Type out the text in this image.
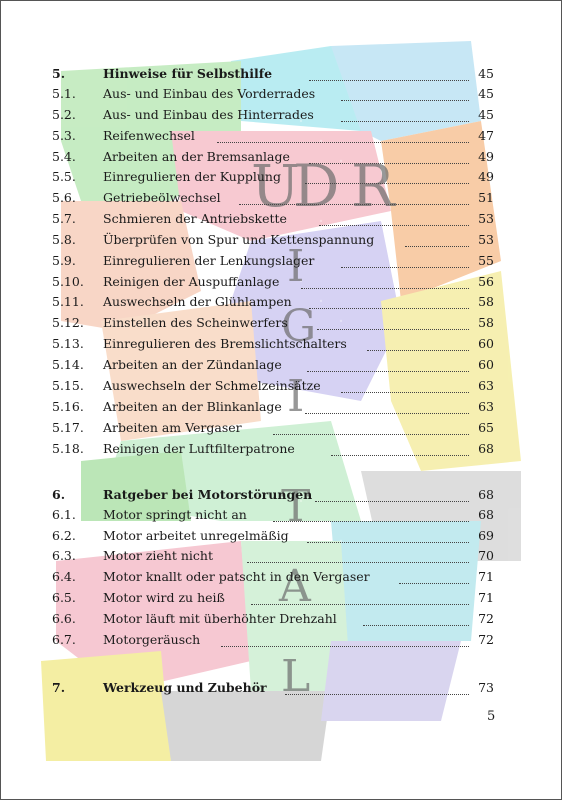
U
D R
I
G
I
T
A
L
5.	Hinweise für Selbsthilfe	45
5.1. Aus- und Einbau des Vorderrades	45
5.2. Aus- und Einbau des Hinterrades	45
5.3. Reifenwechsel	47
5.4. Arbeiten an der Bremsanlage	49
5.5. Einregulieren der Kupplung	49
5.6. Getriebeölwechsel	51
5.7. Schmieren der Antriebskette	53
5.8. Überprüfen von Spur und Kettenspannung	53
5.9. Einregulieren der Lenkungslager	55
5.10. Reinigen der Auspuffanlage	56
5.11. Auswechseln der Glühlampen	58
5.12. Einstellen des Scheinwerfers	58
5.13. Einregulieren des Bremslichtschalters	60
5.14. Arbeiten an der Zündanlage	60
5.15. Auswechseln der Schmelzeinsätze	63
5.16. Arbeiten an der Blinkanlage	63
5.17. Arbeiten am Vergaser	65
5.18. Reinigen der Luftfilterpatrone	68
6.	Ratgeber bei Motorstörungen	68
6.1. Motor springt nicht an	68
6.2. Motor arbeitet unregelmäßig	69
6.3. Motor zieht nicht	70
6.4. Motor knallt oder patscht in den Vergaser	71
6.5. Motor wird zu heiß	71
6.6. Motor läuft mit überhöhter Drehzahl	72
6.7. Motorgeräusch	72
7.	Werkzeug und Zubehör	73
5
